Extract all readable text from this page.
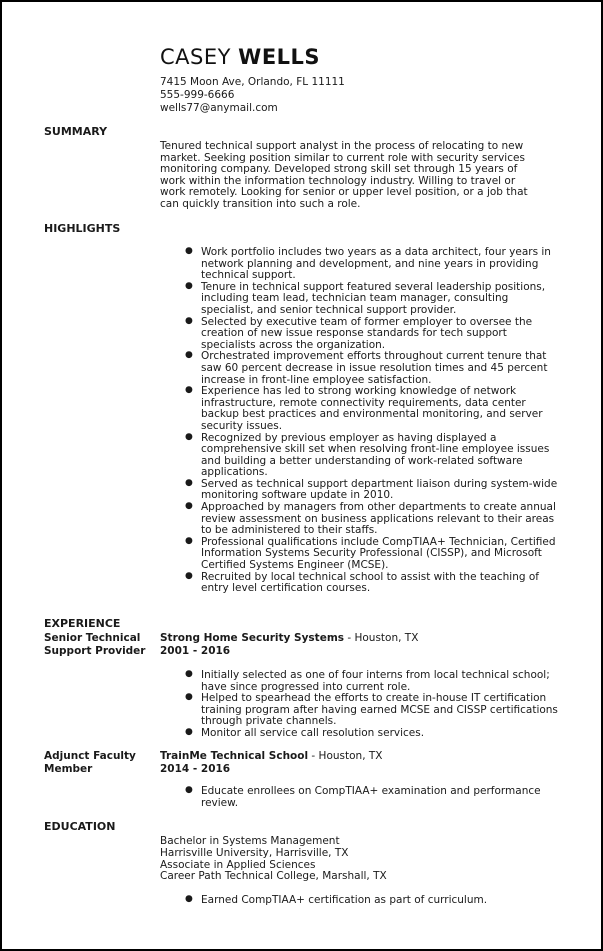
CASEY WELLS
7415 Moon Ave, Orlando, FL 11111
555-999-6666
wells77@anymail.com
SUMMARY
Tenured technical support analyst in the process of relocating to new market. Seeking position similar to current role with security services monitoring company. Developed strong skill set through 15 years of work within the information technology industry. Willing to travel or work remotely. Looking for senior or upper level position, or a job that can quickly transition into such a role.
HIGHLIGHTS
● Work portfolio includes two years as a data architect, four years in network planning and development, and nine years in providing technical support.
● Tenure in technical support featured several leadership positions, including team lead, technician team manager, consulting specialist, and senior technical support provider.
● Selected by executive team of former employer to oversee the creation of new issue response standards for tech support specialists across the organization.
● Orchestrated improvement efforts throughout current tenure that saw 60 percent decrease in issue resolution times and 45 percent increase in front-line employee satisfaction.
● Experience has led to strong working knowledge of network infrastructure, remote connectivity requirements, data center backup best practices and environmental monitoring, and server security issues.
● Recognized by previous employer as having displayed a comprehensive skill set when resolving front-line employee issues and building a better understanding of work-related software applications.
● Served as technical support department liaison during system-wide monitoring software update in 2010.
● Approached by managers from other departments to create annual review assessment on business applications relevant to their areas to be administered to their staffs.
● Professional qualifications include CompTIAA+ Technician, Certified Information Systems Security Professional (CISSP), and Microsoft Certified Systems Engineer (MCSE).
● Recruited by local technical school to assist with the teaching of entry level certification courses.
EXPERIENCE
Senior Technical Support Provider
Strong Home Security Systems - Houston, TX
2001 - 2016
● Initially selected as one of four interns from local technical school; have since progressed into current role.
● Helped to spearhead the efforts to create in-house IT certification training program after having earned MCSE and CISSP certifications through private channels.
● Monitor all service call resolution services.
Adjunct Faculty Member
TrainMe Technical School - Houston, TX
2014 - 2016
● Educate enrollees on CompTIAA+ examination and performance review.
EDUCATION
Bachelor in Systems Management
Harrisville University, Harrisville, TX
Associate in Applied Sciences
Career Path Technical College, Marshall, TX
● Earned CompTIAA+ certification as part of curriculum.
